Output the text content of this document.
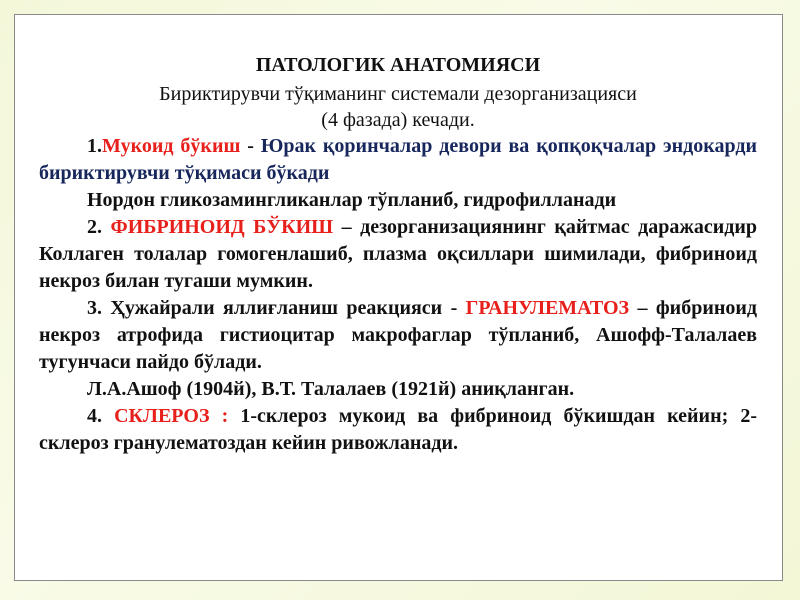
ПАТОЛОГИК АНАТОМИЯСИ

Бириктирувчи тўқиманинг системали дезорганизацияси

(4 фазада) кечади.

1.Мукоид бўкиш - Юрак қоринчалар девори ва қопқоқчалар эндокарди бириктирувчи тўқимаси бўкади

Нордон гликозамингликанлар тўпланиб, гидрофилланади

2. ФИБРИНОИД БЎКИШ – дезорганизациянинг қайтмас даражасидир Коллаген толалар гомогенлашиб, плазма оқсиллари шимилади, фибриноид некроз билан тугаши мумкин.

3. Ҳужайрали яллиғланиш реакцияси - ГРАНУЛЕМАТОЗ – фибриноид некроз атрофида гистиоцитар макрофаглар тўпланиб, Ашофф-Талалаев тугунчаси пайдо бўлади.

Л.А.Ашоф (1904й), В.Т. Талалаев (1921й) аниқланган.

4. СКЛЕРОЗ : 1-склероз мукоид ва фибриноид бўкишдан кейин; 2-склероз гранулематоздан кейин ривожланади.
